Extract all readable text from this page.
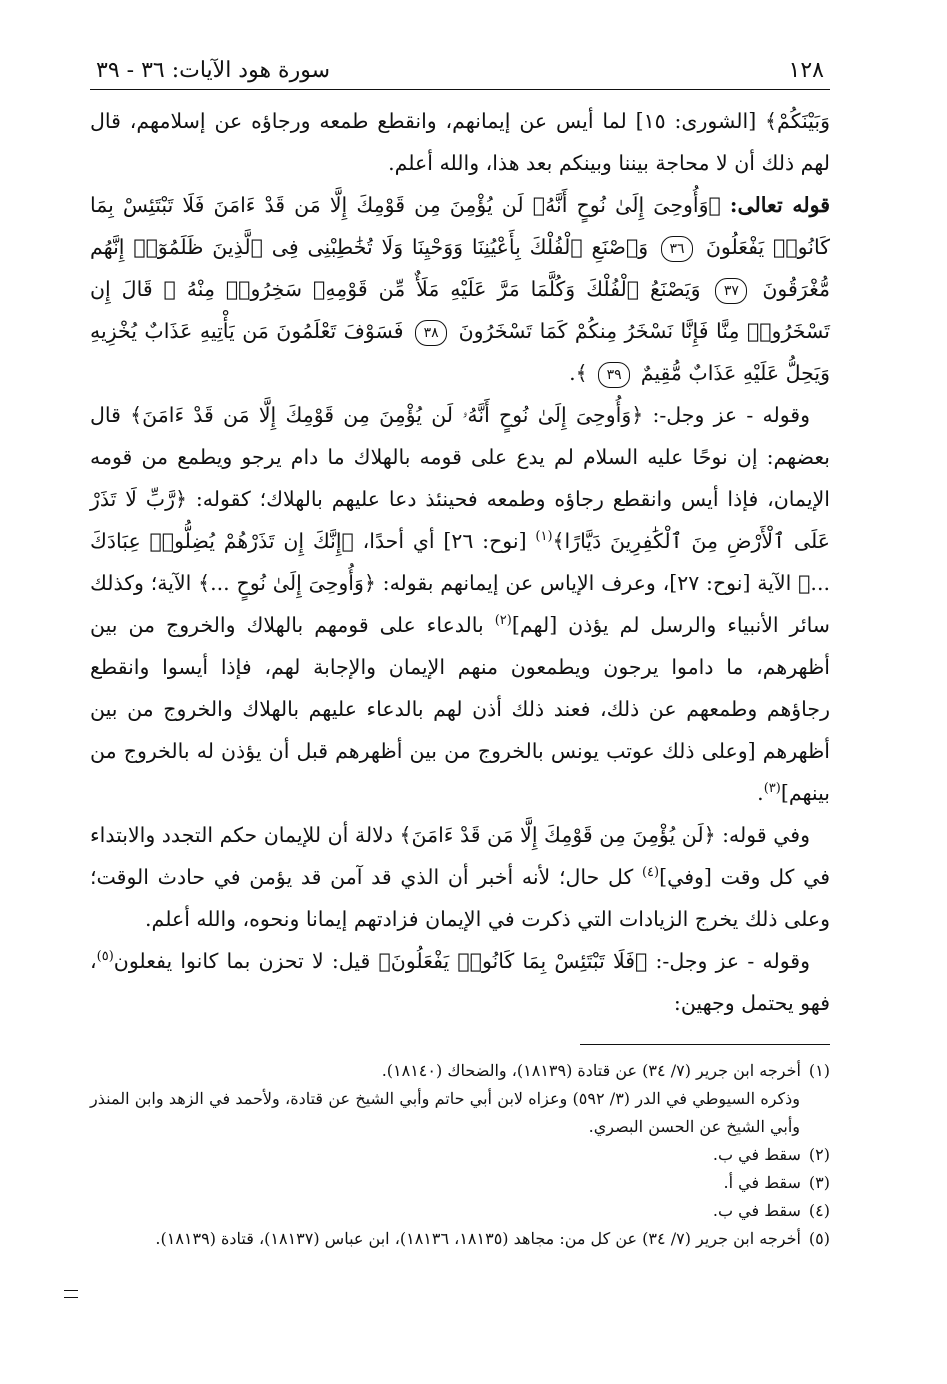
١٢٨
سورة هود الآيات: ٣٦ - ٣٩

وَبَيْنَكُمْ﴾ [الشورى: ١٥] لما أيس عن إيمانهم، وانقطع طمعه ورجاؤه عن إسلامهم، قال لهم ذلك أن لا محاجة بيننا وبينكم بعد هذا، والله أعلم.

قوله تعالى: ﴿وَأُوحِىَ إِلَىٰ نُوحٍ أَنَّهُۥ لَن يُؤْمِنَ مِن قَوْمِكَ إِلَّا مَن قَدْ ءَامَنَ فَلَا تَبْتَئِسْ بِمَا كَانُوا۟ يَفْعَلُونَ ٣٦ وَٱصْنَعِ ٱلْفُلْكَ بِأَعْيُنِنَا وَوَحْيِنَا وَلَا تُخَٰطِبْنِى فِى ٱلَّذِينَ ظَلَمُوٓا۟ إِنَّهُم مُّغْرَقُونَ ٣٧ وَيَصْنَعُ ٱلْفُلْكَ وَكُلَّمَا مَرَّ عَلَيْهِ مَلَأٌ مِّن قَوْمِهِۦ سَخِرُوا۟ مِنْهُ ۚ قَالَ إِن تَسْخَرُوا۟ مِنَّا فَإِنَّا نَسْخَرُ مِنكُمْ كَمَا تَسْخَرُونَ ٣٨ فَسَوْفَ تَعْلَمُونَ مَن يَأْتِيهِ عَذَابٌ يُخْزِيهِ وَيَحِلُّ عَلَيْهِ عَذَابٌ مُّقِيمٌ ٣٩ ﴾.

وقوله - عز وجل-: ﴿وَأُوحِىَ إِلَىٰ نُوحٍ أَنَّهُۥ لَن يُؤْمِنَ مِن قَوْمِكَ إِلَّا مَن قَدْ ءَامَنَ﴾ قال بعضهم: إن نوحًا عليه السلام لم يدع على قومه بالهلاك ما دام يرجو ويطمع من قومه الإيمان، فإذا أيس وانقطع رجاؤه وطمعه فحينئذ دعا عليهم بالهلاك؛ كقوله: ﴿رَّبِّ لَا تَذَرْ عَلَى ٱلْأَرْضِ مِنَ ٱلْكَٰفِرِينَ دَيَّارًا﴾$^{(١)}$ [نوح: ٢٦] أي أحدًا، ﴿إِنَّكَ إِن تَذَرْهُمْ يُضِلُّوا۟ عِبَادَكَ ...﴾ الآية [نوح: ٢٧]، وعرف الإياس عن إيمانهم بقوله: ﴿وَأُوحِىَ إِلَىٰ نُوحٍ ...﴾ الآية؛ وكذلك سائر الأنبياء والرسل لم يؤذن [لهم]$^{(٢)}$ بالدعاء على قومهم بالهلاك والخروج من بين أظهرهم، ما داموا يرجون ويطمعون منهم الإيمان والإجابة لهم، فإذا أيسوا وانقطع رجاؤهم وطمعهم عن ذلك، فعند ذلك أذن لهم بالدعاء عليهم بالهلاك والخروج من بين أظهرهم [وعلى ذلك عوتب يونس بالخروج من بين أظهرهم قبل أن يؤذن له بالخروج من بينهم]$^{(٣)}$.

وفي قوله: ﴿لَن يُؤْمِنَ مِن قَوْمِكَ إِلَّا مَن قَدْ ءَامَنَ﴾ دلالة أن للإيمان حكم التجدد والابتداء في كل وقت [وفي]$^{(٤)}$ كل حال؛ لأنه أخبر أن الذي قد آمن قد يؤمن في حادث الوقت؛ وعلى ذلك يخرج الزيادات التي ذكرت في الإيمان فزادتهم إيمانا ونحوه، والله أعلم.

وقوله - عز وجل-: ﴿فَلَا تَبْتَئِسْ بِمَا كَانُوا۟ يَفْعَلُونَ﴾ قيل: لا تحزن بما كانوا يفعلون$^{(٥)}$، فهو يحتمل وجهين:

(١)
أخرجه ابن جرير (٧/ ٣٤) عن قتادة (١٨١٣٩)، والضحاك (١٨١٤٠).
وذكره السيوطي في الدر (٣/ ٥٩٢) وعزاه لابن أبي حاتم وأبي الشيخ عن قتادة، ولأحمد في الزهد وابن المنذر وأبي الشيخ عن الحسن البصري.
(٢)
سقط في ب.
(٣)
سقط في أ.
(٤)
سقط في ب.
(٥)
أخرجه ابن جرير (٧/ ٣٤) عن كل من: مجاهد (١٨١٣٥، ١٨١٣٦)، ابن عباس (١٨١٣٧)، قتادة (١٨١٣٩).
